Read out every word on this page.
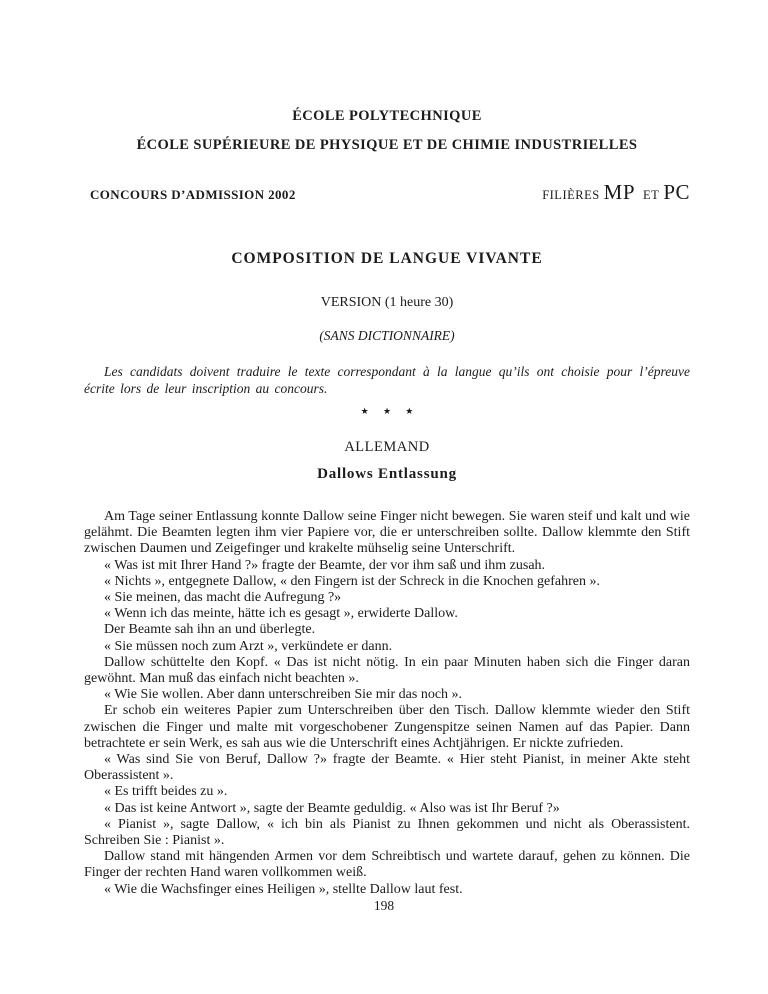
ÉCOLE POLYTECHNIQUE
ÉCOLE SUPÉRIEURE DE PHYSIQUE ET DE CHIMIE INDUSTRIELLES
CONCOURS D’ADMISSION 2002	FILIÈRES MP ET PC
COMPOSITION DE LANGUE VIVANTE
VERSION (1 heure 30)
(SANS DICTIONNAIRE)
Les candidats doivent traduire le texte correspondant à la langue qu’ils ont choisie pour l’épreuve écrite lors de leur inscription au concours.
★ ★ ★
ALLEMAND
Dallows Entlassung

Am Tage seiner Entlassung konnte Dallow seine Finger nicht bewegen. Sie waren steif und kalt und wie gelähmt. Die Beamten legten ihm vier Papiere vor, die er unterschreiben sollte. Dallow klemmte den Stift zwischen Daumen und Zeigefinger und krakelte mühselig seine Unterschrift.

« Was ist mit Ihrer Hand ?» fragte der Beamte, der vor ihm saß und ihm zusah.

« Nichts », entgegnete Dallow, « den Fingern ist der Schreck in die Knochen gefahren ».

« Sie meinen, das macht die Aufregung ?»

« Wenn ich das meinte, hätte ich es gesagt », erwiderte Dallow.

Der Beamte sah ihn an und überlegte.

« Sie müssen noch zum Arzt », verkündete er dann.

Dallow schüttelte den Kopf. « Das ist nicht nötig. In ein paar Minuten haben sich die Finger daran gewöhnt. Man muß das einfach nicht beachten ».

« Wie Sie wollen. Aber dann unterschreiben Sie mir das noch ».

Er schob ein weiteres Papier zum Unterschreiben über den Tisch. Dallow klemmte wieder den Stift zwischen die Finger und malte mit vorgeschobener Zungenspitze seinen Namen auf das Papier. Dann betrachtete er sein Werk, es sah aus wie die Unterschrift eines Achtjährigen. Er nickte zufrieden.

« Was sind Sie von Beruf, Dallow ?» fragte der Beamte. « Hier steht Pianist, in meiner Akte steht Oberassistent ».

« Es trifft beides zu ».

« Das ist keine Antwort », sagte der Beamte geduldig. « Also was ist Ihr Beruf ?»

« Pianist », sagte Dallow, « ich bin als Pianist zu Ihnen gekommen und nicht als Oberassistent. Schreiben Sie : Pianist ».

Dallow stand mit hängenden Armen vor dem Schreibtisch und wartete darauf, gehen zu können. Die Finger der rechten Hand waren vollkommen weiß.

« Wie die Wachsfinger eines Heiligen », stellte Dallow laut fest.

198
